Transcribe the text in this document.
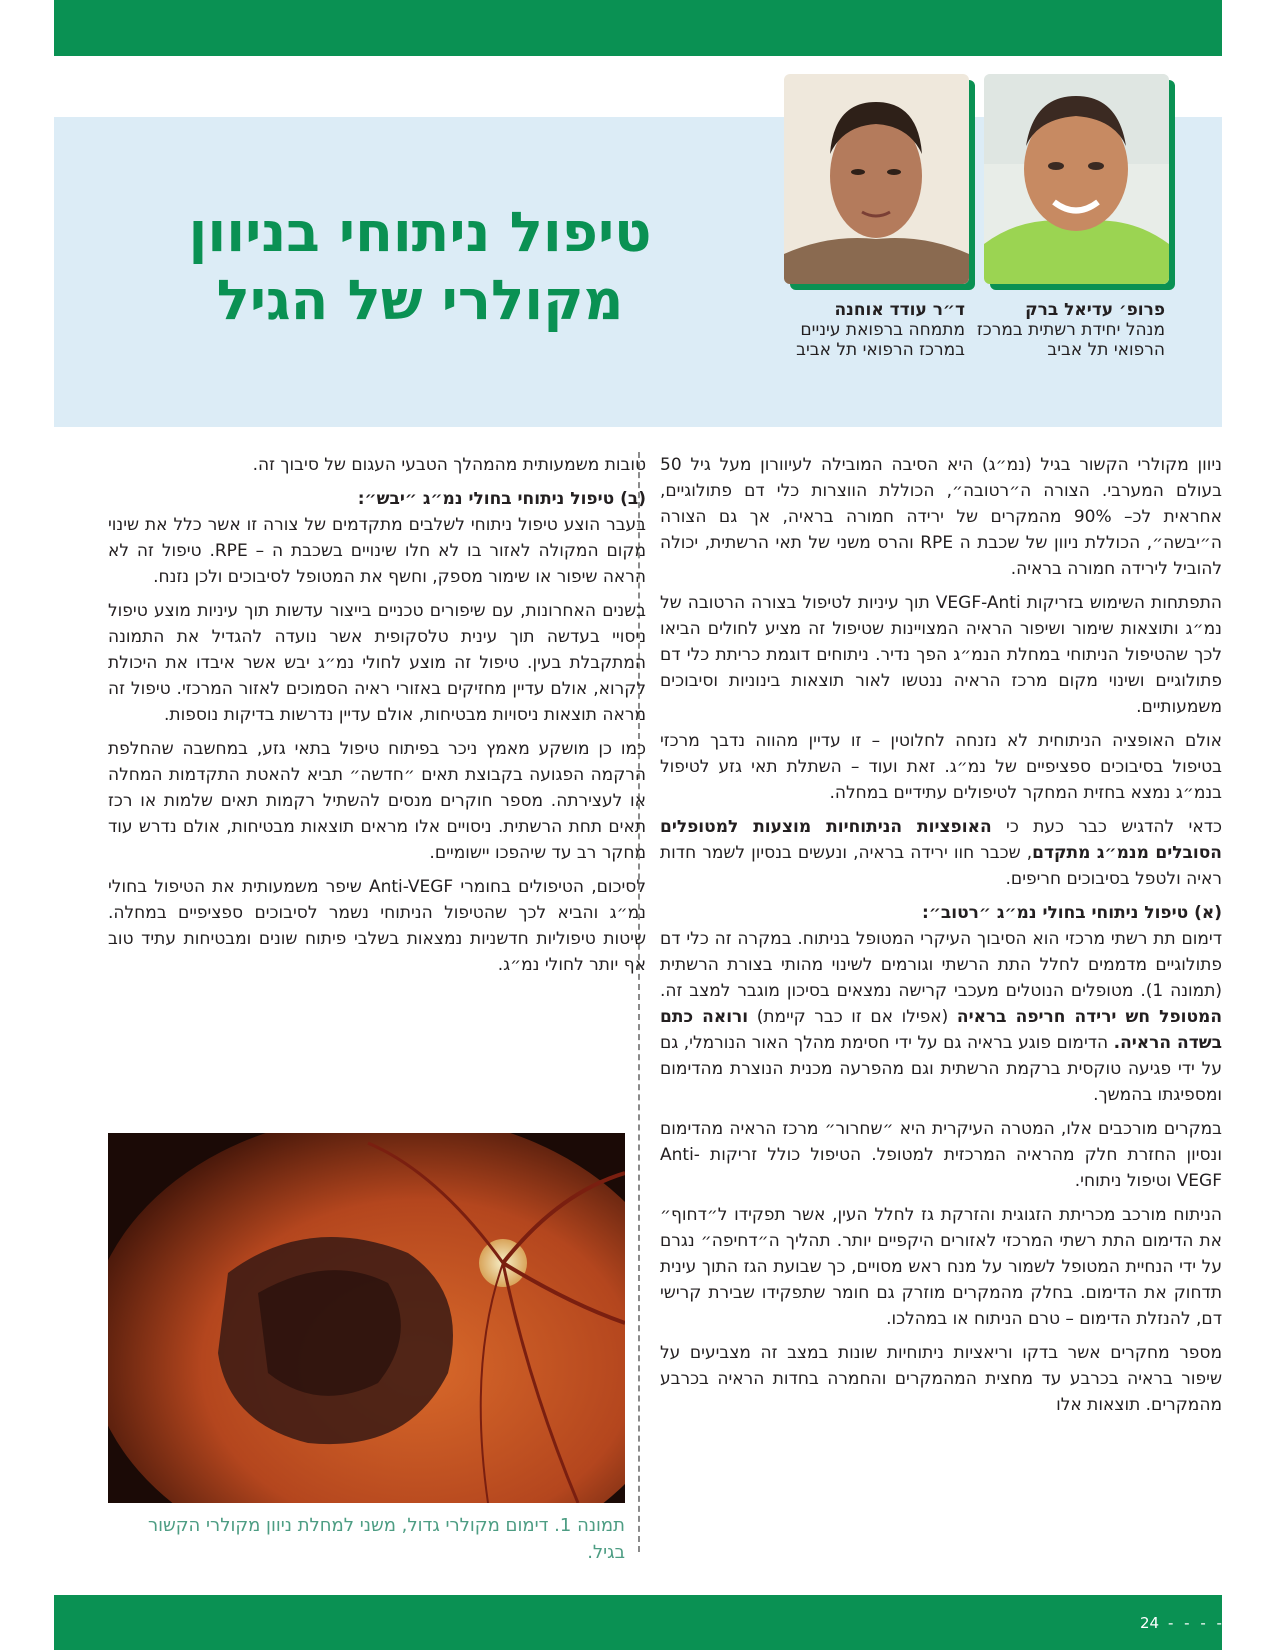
טיפול ניתוחי בניוון
מקולרי של הגיל	פרופ׳ עדיאל ברק
מנהל יחידת רשתית במרכז הרפואי תל אביב
ד״ר עודד אוחנה
מתמחה ברפואת עיניים במרכז הרפואי תל אביב

ניוון מקולרי הקשור בגיל (נמ״ג) היא הסיבה המובילה לעיוורון מעל גיל 50 בעולם המערבי. הצורה ה״רטובה״, הכוללת הווצרות כלי דם פתולוגיים, אחראית לכ– 90% מהמקרים של ירידה חמורה בראיה, אך גם הצורה ה״יבשה״, הכוללת ניוון של שכבת ה RPE והרס משני של תאי הרשתית, יכולה להוביל לירידה חמורה בראיה.

התפתחות השימוש בזריקות VEGF-Anti תוך עיניות לטיפול בצורה הרטובה של נמ״ג ותוצאות שימור ושיפור הראיה המצויינות שטיפול זה מציע לחולים הביאו לכך שהטיפול הניתוחי במחלת הנמ״ג הפך נדיר. ניתוחים דוגמת כריתת כלי דם פתולוגיים ושינוי מקום מרכז הראיה ננטשו לאור תוצאות בינוניות וסיבוכים משמעותיים.

אולם האופציה הניתוחית לא נזנחה לחלוטין – זו עדיין מהווה נדבך מרכזי בטיפול בסיבוכים ספציפיים של נמ״ג. זאת ועוד – השתלת תאי גזע לטיפול בנמ״ג נמצא בחזית המחקר לטיפולים עתידיים במחלה.

כדאי להדגיש כבר כעת כי האופציות הניתוחיות מוצעות למטופלים הסובלים מנמ״ג מתקדם, שכבר חוו ירידה בראיה, ונעשים בנסיון לשמר חדות ראיה ולטפל בסיבוכים חריפים.

(א) טיפול ניתוחי בחולי נמ״ג ״רטוב״:

דימום תת רשתי מרכזי הוא הסיבוך העיקרי המטופל בניתוח. במקרה זה כלי דם פתולוגיים מדממים לחלל התת הרשתי וגורמים לשינוי מהותי בצורת הרשתית (תמונה 1). מטופלים הנוטלים מעכבי קרישה נמצאים בסיכון מוגבר למצב זה. המטופל חש ירידה חריפה בראיה (אפילו אם זו כבר קיימת) ורואה כתם בשדה הראיה. הדימום פוגע בראיה גם על ידי חסימת מהלך האור הנורמלי, גם על ידי פגיעה טוקסית ברקמת הרשתית וגם מהפרעה מכנית הנוצרת מהדימום ומספיגתו בהמשך.

במקרים מורכבים אלו, המטרה העיקרית היא ״שחרור״ מרכז הראיה מהדימום ונסיון החזרת חלק מהראיה המרכזית למטופל. הטיפול כולל זריקות Anti-VEGF וטיפול ניתוחי.

הניתוח מורכב מכריתת הזגוגית והזרקת גז לחלל העין, אשר תפקידו ל״דחוף״ את הדימום התת רשתי המרכזי לאזורים היקפיים יותר. תהליך ה״דחיפה״ נגרם על ידי הנחיית המטופל לשמור על מנח ראש מסויים, כך שבועת הגז התוך עינית תדחוק את הדימום. בחלק מהמקרים מוזרק גם חומר שתפקידו שבירת קרישי דם, להנזלת הדימום – טרם הניתוח או במהלכו.

מספר מחקרים אשר בדקו וריאציות ניתוחיות שונות במצב זה מצביעים על שיפור בראיה בכרבע עד מחצית המהמקרים והחמרה בחדות הראיה בכרבע מהמקרים. תוצאות אלו

טובות משמעותית מהמהלך הטבעי העגום של סיבוך זה.

(ב) טיפול ניתוחי בחולי נמ״ג ״יבש״:

בעבר הוצע טיפול ניתוחי לשלבים מתקדמים של צורה זו אשר כלל את שינוי מקום המקולה לאזור בו לא חלו שינויים בשכבת ה – RPE. טיפול זה לא הראה שיפור או שימור מספק, וחשף את המטופל לסיבוכים ולכן נזנח.

בשנים האחרונות, עם שיפורים טכניים בייצור עדשות תוך עיניות מוצע טיפול ניסויי בעדשה תוך עינית טלסקופית אשר נועדה להגדיל את התמונה המתקבלת בעין. טיפול זה מוצע לחולי נמ״ג יבש אשר איבדו את היכולת לקרוא, אולם עדיין מחזיקים באזורי ראיה הסמוכים לאזור המרכזי. טיפול זה מראה תוצאות ניסויות מבטיחות, אולם עדיין נדרשות בדיקות נוספות.

כמו כן מושקע מאמץ ניכר בפיתוח טיפול בתאי גזע, במחשבה שהחלפת הרקמה הפגועה בקבוצת תאים ״חדשה״ תביא להאטת התקדמות המחלה או לעצירתה. מספר חוקרים מנסים להשתיל רקמות תאים שלמות או רכז תאים תחת הרשתית. ניסויים אלו מראים תוצאות מבטיחות, אולם נדרש עוד מחקר רב עד שיהפכו יישומיים.

לסיכום, הטיפולים בחומרי Anti-VEGF שיפר משמעותית את הטיפול בחולי נמ״ג והביא לכך שהטיפול הניתוחי נשמר לסיבוכים ספציפיים במחלה. שיטות טיפוליות חדשניות נמצאות בשלבי פיתוח שונים ומבטיחות עתיד טוב אף יותר לחולי נמ״ג.

תמונה 1. דימום מקולרי גדול, משני למחלת ניוון מקולרי הקשור בגיל.

24 - - - - -
